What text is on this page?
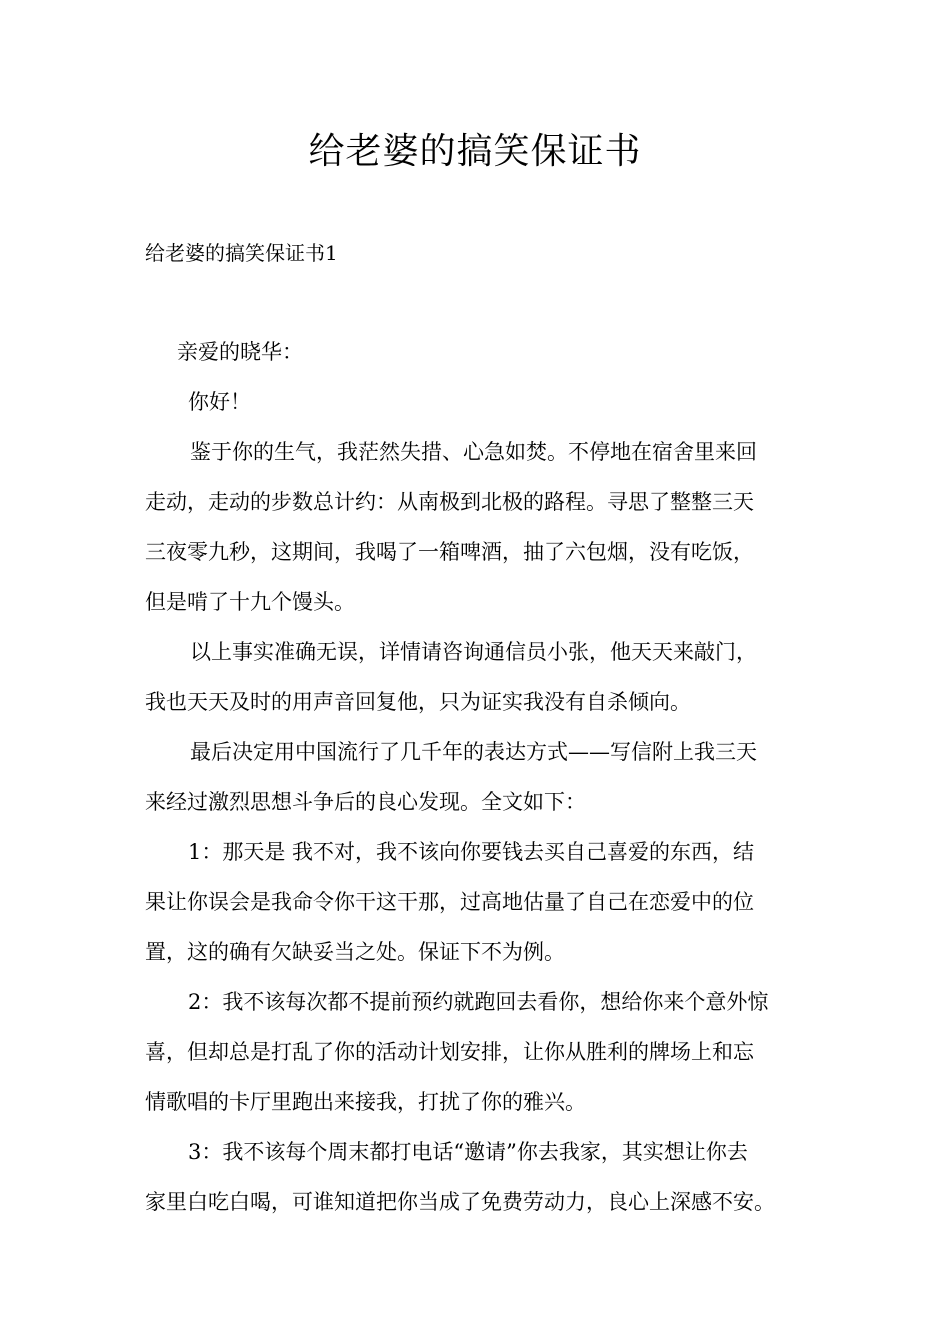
给老婆的搞笑保证书
给老婆的搞笑保证书1
亲爱的晓华：
你好！
鉴于你的生气，我茫然失措、心急如焚。不停地在宿舍里来回
走动，走动的步数总计约：从南极到北极的路程。寻思了整整三天
三夜零九秒，这期间，我喝了一箱啤酒，抽了六包烟，没有吃饭，
但是啃了十九个馒头。
以上事实准确无误，详情请咨询通信员小张，他天天来敲门，
我也天天及时的用声音回复他，只为证实我没有自杀倾向。
最后决定用中国流行了几千年的表达方式——写信附上我三天
来经过激烈思想斗争后的良心发现。全文如下：
1：那天是 我不对，我不该向你要钱去买自己喜爱的东西，结
果让你误会是我命令你干这干那，过高地估量了自己在恋爱中的位
置，这的确有欠缺妥当之处。保证下不为例。
2：我不该每次都不提前预约就跑回去看你，想给你来个意外惊
喜，但却总是打乱了你的活动计划安排，让你从胜利的牌场上和忘
情歌唱的卡厅里跑出来接我，打扰了你的雅兴。
3：我不该每个周末都打电话“邀请”你去我家，其实想让你去
家里白吃白喝，可谁知道把你当成了免费劳动力，良心上深感不安。
